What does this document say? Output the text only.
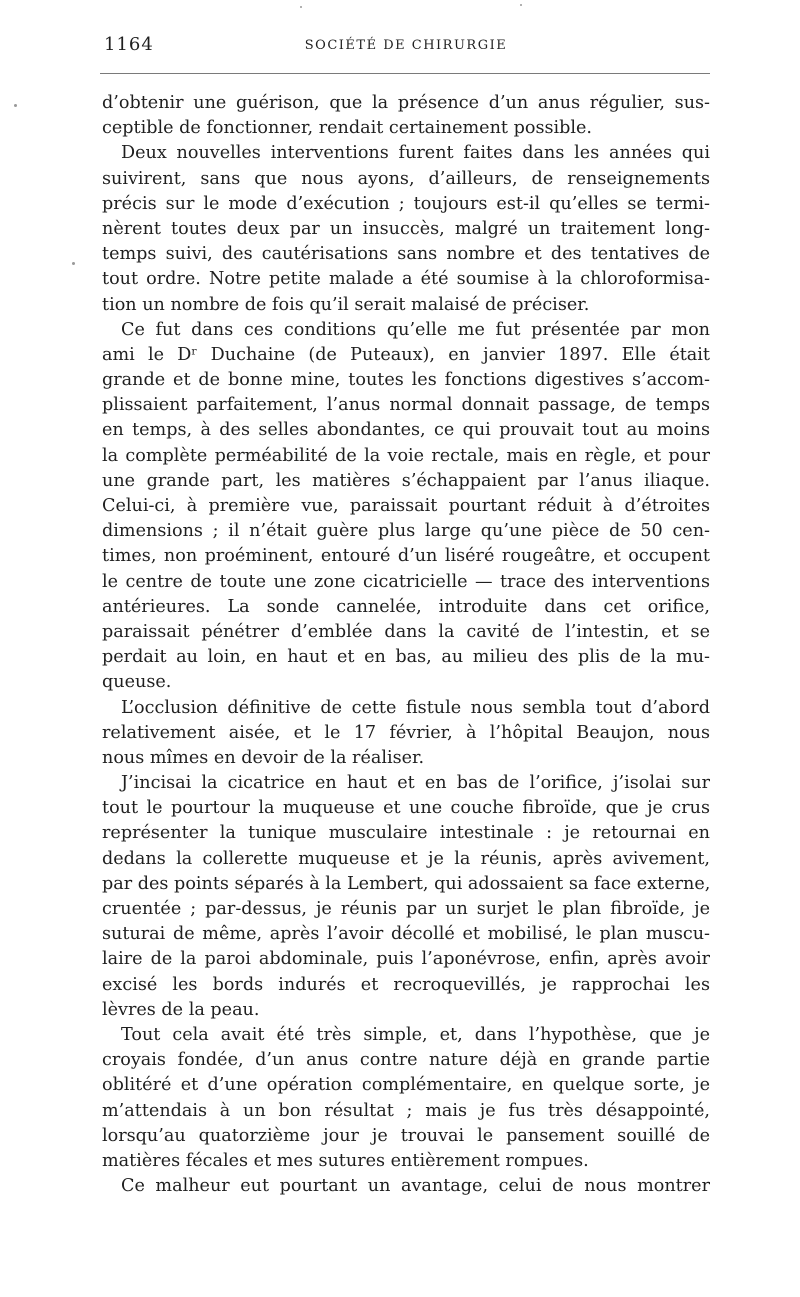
1164	SOCIÉTÉ DE CHIRURGIE
d’obtenir une guérison, que la présence d’un anus régulier, sus-
ceptible de fonctionner, rendait certainement possible.
Deux nouvelles interventions furent faites dans les années qui
suivirent, sans que nous ayons, d’ailleurs, de renseignements
précis sur le mode d’exécution ; toujours est-il qu’elles se termi-
nèrent toutes deux par un insuccès, malgré un traitement long-
temps suivi, des cautérisations sans nombre et des tentatives de
tout ordre. Notre petite malade a été soumise à la chloroformisa-
tion un nombre de fois qu’il serait malaisé de préciser.
Ce fut dans ces conditions qu’elle me fut présentée par mon
ami le Dʳ Duchaine (de Puteaux), en janvier 1897. Elle était
grande et de bonne mine, toutes les fonctions digestives s’accom-
plissaient parfaitement, l’anus normal donnait passage, de temps
en temps, à des selles abondantes, ce qui prouvait tout au moins
la complète perméabilité de la voie rectale, mais en règle, et pour
une grande part, les matières s’échappaient par l’anus iliaque.
Celui-ci, à première vue, paraissait pourtant réduit à d’étroites
dimensions ; il n’était guère plus large qu’une pièce de 50 cen-
times, non proéminent, entouré d’un liséré rougeâtre, et occupent
le centre de toute une zone cicatricielle — trace des interventions
antérieures. La sonde cannelée, introduite dans cet orifice,
paraissait pénétrer d’emblée dans la cavité de l’intestin, et se
perdait au loin, en haut et en bas, au milieu des plis de la mu-
queuse.
L’occlusion définitive de cette fistule nous sembla tout d’abord
relativement aisée, et le 17 février, à l’hôpital Beaujon, nous
nous mîmes en devoir de la réaliser.
J’incisai la cicatrice en haut et en bas de l’orifice, j’isolai sur
tout le pourtour la muqueuse et une couche fibroïde, que je crus
représenter la tunique musculaire intestinale : je retournai en
dedans la collerette muqueuse et je la réunis, après avivement,
par des points séparés à la Lembert, qui adossaient sa face externe,
cruentée ; par-dessus, je réunis par un surjet le plan fibroïde, je
suturai de même, après l’avoir décollé et mobilisé, le plan muscu-
laire de la paroi abdominale, puis l’aponévrose, enfin, après avoir
excisé les bords indurés et recroquevillés, je rapprochai les
lèvres de la peau.
Tout cela avait été très simple, et, dans l’hypothèse, que je
croyais fondée, d’un anus contre nature déjà en grande partie
oblitéré et d’une opération complémentaire, en quelque sorte, je
m’attendais à un bon résultat ; mais je fus très désappointé,
lorsqu’au quatorzième jour je trouvai le pansement souillé de
matières fécales et mes sutures entièrement rompues.
Ce malheur eut pourtant un avantage, celui de nous montrer
